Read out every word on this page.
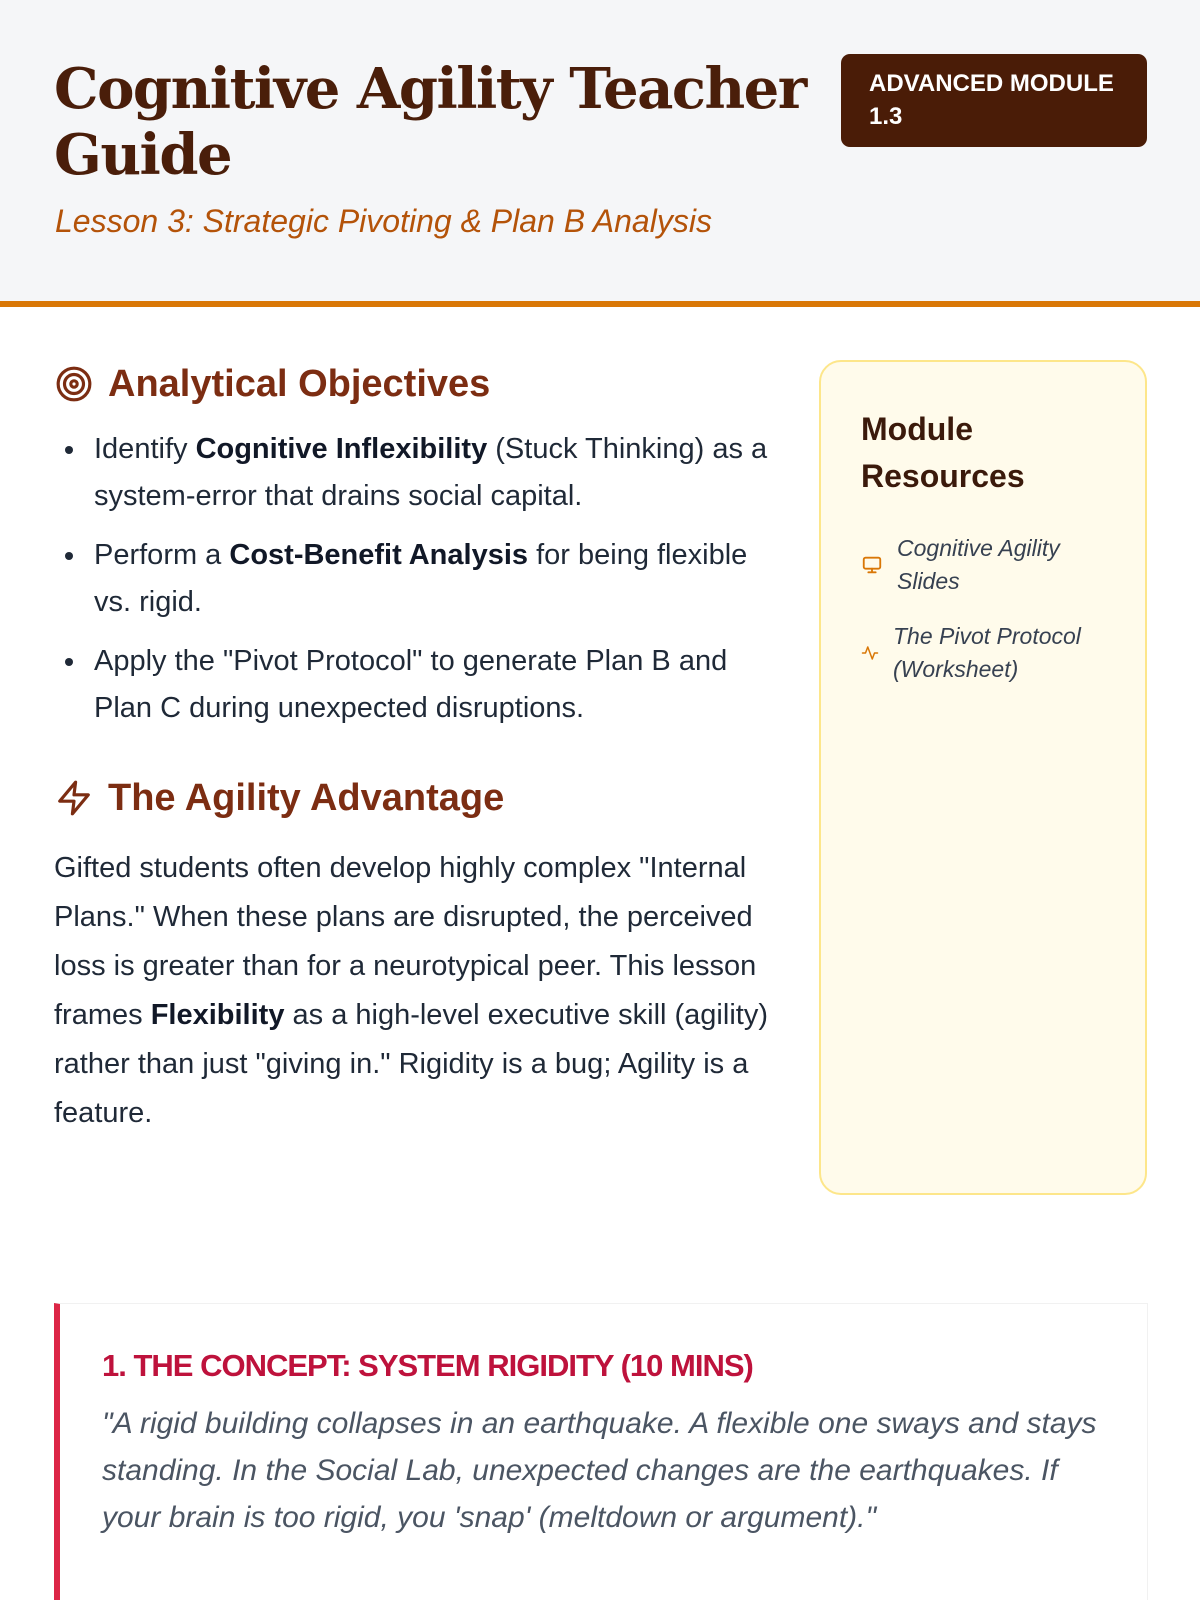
Cognitive Agility Teacher Guide
Lesson 3: Strategic Pivoting & Plan B Analysis
ADVANCED MODULE 1.3
Analytical Objectives
Identify Cognitive Inflexibility (Stuck Thinking) as a system-error that drains social capital.
Perform a Cost-Benefit Analysis for being flexible vs. rigid.
Apply the "Pivot Protocol" to generate Plan B and Plan C during unexpected disruptions.
The Agility Advantage

Gifted students often develop highly complex "Internal Plans." When these plans are disrupted, the perceived loss is greater than for a neurotypical peer. This lesson frames Flexibility as a high-level executive skill (agility) rather than just "giving in." Rigidity is a bug; Agility is a feature.

Module Resources
Cognitive Agility Slides
The Pivot Protocol (Worksheet)
1. THE CONCEPT: SYSTEM RIGIDITY (10 MINS)

"A rigid building collapses in an earthquake. A flexible one sways and stays standing. In the Social Lab, unexpected changes are the earthquakes. If your brain is too rigid, you 'snap' (meltdown or argument)."
